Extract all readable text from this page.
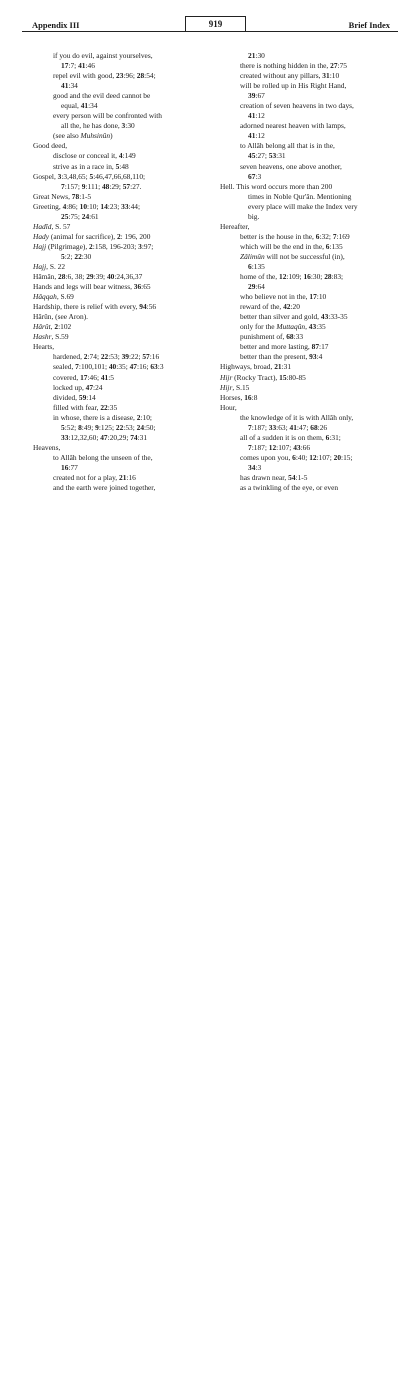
Appendix III	919	Brief Index
if you do evil, against yourselves,
17:7; 41:46
repel evil with good, 23:96; 28:54;
41:34
good and the evil deed cannot be
equal, 41:34
every person will be confronted with
all the, he has done, 3:30
(see also Muhsinûn)
Good deed,
disclose or conceal it, 4:149
strive as in a race in, 5:48
Gospel, 3:3,48,65; 5:46,47,66,68,110;
7:157; 9:111; 48:29; 57:27.
Great News, 78:1-5
Greeting, 4:86; 10:10; 14:23; 33:44;
25:75; 24:61
Hadîd, S. 57
Hady (animal for sacrifice), 2: 196, 200
Hajj (Pilgrimage), 2:158, 196-203; 3:97;
5:2; 22:30
Hajj, S. 22
Hâmân, 28:6, 38; 29:39; 40:24,36,37
Hands and legs will bear witness, 36:65
Hâqqah, S.69
Hardship, there is relief with every, 94:56
Hârûn, (see Aron).
Hârût, 2:102
Hashr, S.59
Hearts,
hardened, 2:74; 22:53; 39:22; 57:16
sealed, 7:100,101; 40:35; 47:16; 63:3
covered, 17:46; 41:5
locked up, 47:24
divided, 59:14
filled with fear, 22:35
in whose, there is a disease, 2:10;
5:52; 8:49; 9:125; 22:53; 24:50;
33:12,32,60; 47:20,29; 74:31
Heavens,
to Allâh belong the unseen of the,
16:77
created not for a play, 21:16
and the earth were joined together,
21:30
there is nothing hidden in the, 27:75
created without any pillars, 31:10
will be rolled up in His Right Hand,
39:67
creation of seven heavens in two days,
41:12
adorned nearest heaven with lamps,
41:12
to Allâh belong all that is in the,
45:27; 53:31
seven heavens, one above another,
67:3
Hell. This word occurs more than 200
times in Noble Qur'ân. Mentioning
every place will make the Index very
big.
Hereafter,
better is the house in the, 6:32; 7:169
which will be the end in the, 6:135
Zâlimûn will not be successful (in),
6:135
home of the, 12:109; 16:30; 28:83;
29:64
who believe not in the, 17:10
reward of the, 42:20
better than silver and gold, 43:33-35
only for the Muttaqûn, 43:35
punishment of, 68:33
better and more lasting, 87:17
better than the present, 93:4
Highways, broad, 21:31
Hijr (Rocky Tract), 15:80-85
Hijr, S.15
Horses, 16:8
Hour,
the knowledge of it is with Allâh only,
7:187; 33:63; 41:47; 68:26
all of a sudden it is on them, 6:31;
7:187; 12:107; 43:66
comes upon you, 6:40; 12:107; 20:15;
34:3
has drawn near, 54:1-5
as a twinkling of the eye, or even
